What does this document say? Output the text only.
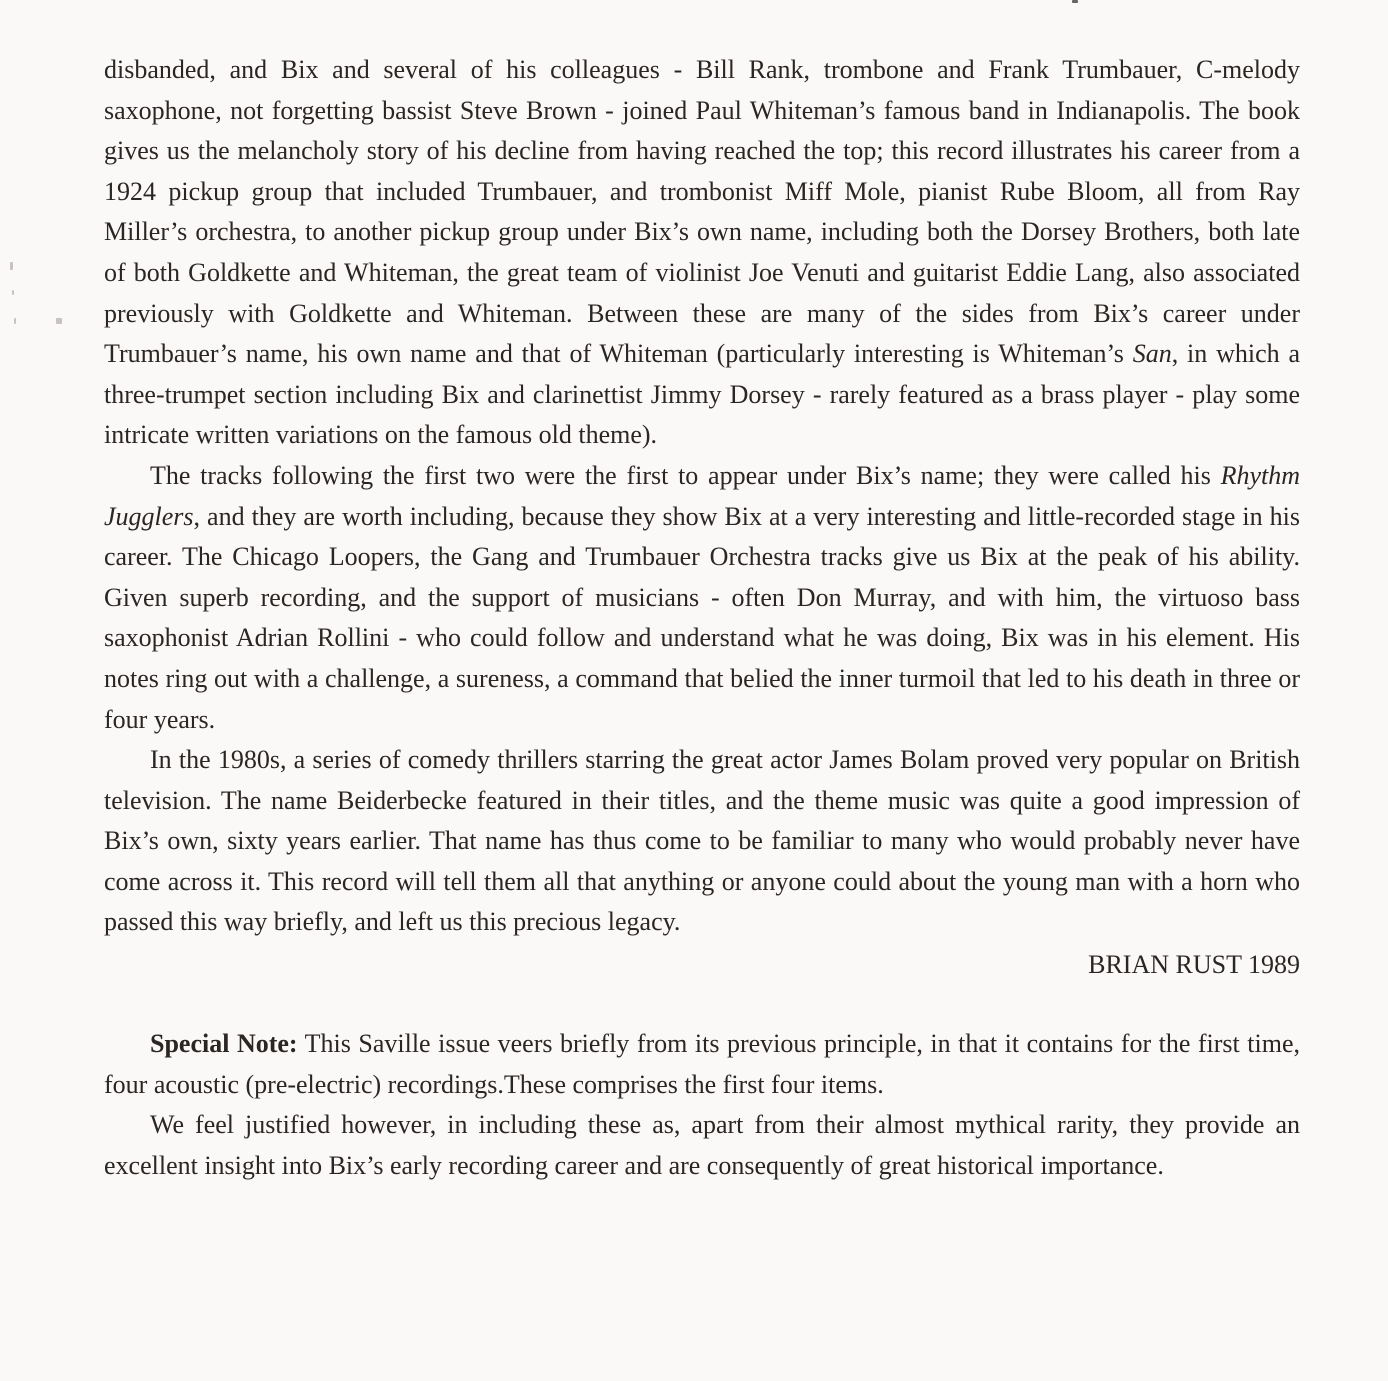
disbanded, and Bix and several of his colleagues - Bill Rank, trombone and Frank Trumbauer, C-melody saxophone, not forgetting bassist Steve Brown - joined Paul Whiteman’s famous band in Indianapolis. The book gives us the melancholy story of his decline from having reached the top; this record illustrates his career from a 1924 pickup group that included Trumbauer, and trombonist Miff Mole, pianist Rube Bloom, all from Ray Miller’s orchestra, to another pickup group under Bix’s own name, including both the Dorsey Brothers, both late of both Goldkette and Whiteman, the great team of violinist Joe Venuti and guitarist Eddie Lang, also associated previously with Goldkette and Whiteman. Between these are many of the sides from Bix’s career under Trumbauer’s name, his own name and that of Whiteman (particularly interesting is Whiteman’s San, in which a three-trumpet section including Bix and clarinettist Jimmy Dorsey - rarely featured as a brass player - play some intricate written variations on the famous old theme).

The tracks following the first two were the first to appear under Bix’s name; they were called his Rhythm Jugglers, and they are worth including, because they show Bix at a very interesting and little-recorded stage in his career. The Chicago Loopers, the Gang and Trumbauer Orchestra tracks give us Bix at the peak of his ability. Given superb recording, and the support of musicians - often Don Murray, and with him, the virtuoso bass saxophonist Adrian Rollini - who could follow and understand what he was doing, Bix was in his element. His notes ring out with a challenge, a sureness, a command that belied the inner turmoil that led to his death in three or four years.

In the 1980s, a series of comedy thrillers starring the great actor James Bolam proved very popular on British television. The name Beiderbecke featured in their titles, and the theme music was quite a good impression of Bix’s own, sixty years earlier. That name has thus come to be familiar to many who would probably never have come across it. This record will tell them all that anything or anyone could about the young man with a horn who passed this way briefly, and left us this precious legacy.

BRIAN RUST 1989

Special Note: This Saville issue veers briefly from its previous principle, in that it contains for the first time, four acoustic (pre-electric) recordings.These comprises the first four items.

We feel justified however, in including these as, apart from their almost mythical rarity, they provide an excellent insight into Bix’s early recording career and are consequently of great historical importance.
